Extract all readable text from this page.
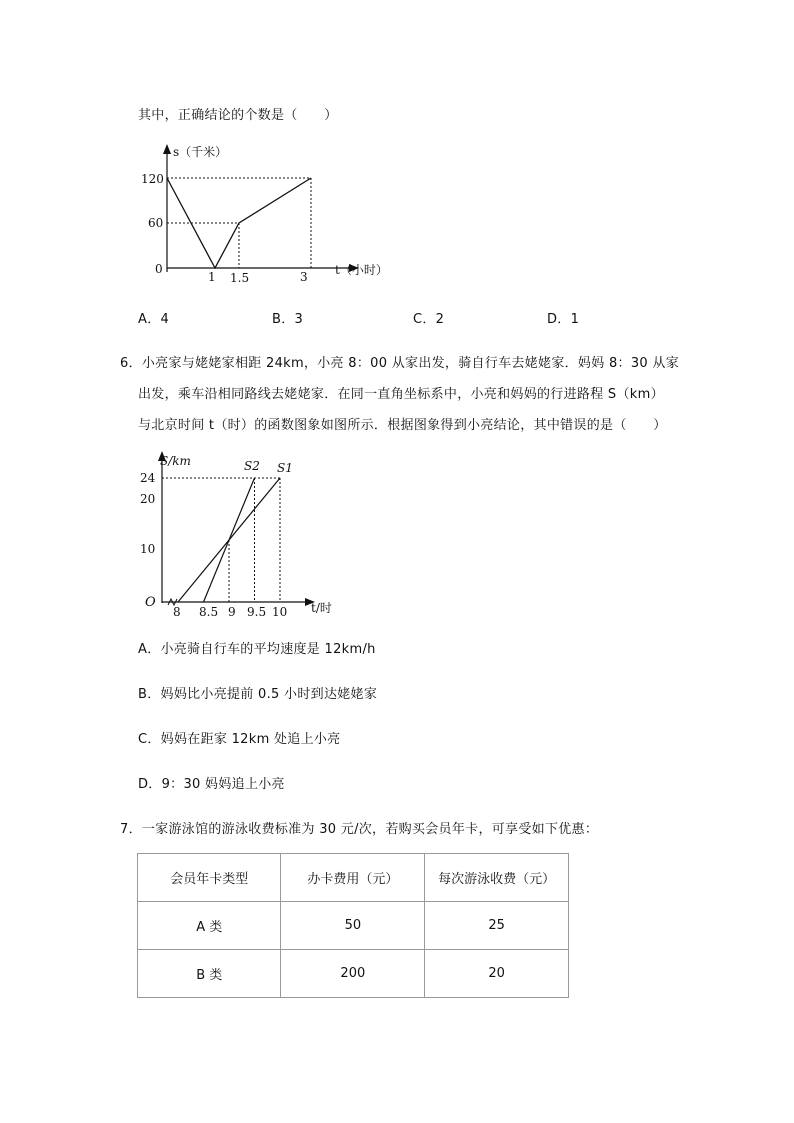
其中，正确结论的个数是（　　）
s（千米）
t（小时）
120
60
0
1 1.5	3
A．4	B．3	C．2	D．1
6．小亮家与姥姥家相距 24km，小亮 8：00 从家出发，骑自行车去姥姥家．妈妈 8：30 从家
出发，乘车沿相同路线去姥姥家．在同一直角坐标系中，小亮和妈妈的行进路程 S（km）
与北京时间 t（时）的函数图象如图所示．根据图象得到小亮结论，其中错误的是（　　）
S/km
t/时
O
24
20
10
8 8.5 9 9.5 10
S2 S1
A．小亮骑自行车的平均速度是 12km/h
B．妈妈比小亮提前 0.5 小时到达姥姥家
C．妈妈在距家 12km 处追上小亮
D．9：30 妈妈追上小亮
7．一家游泳馆的游泳收费标准为 30 元/次，若购买会员年卡，可享受如下优惠：
会员年卡类型	办卡费用（元）	每次游泳收费（元）
A 类	50	25
B 类	200	20
